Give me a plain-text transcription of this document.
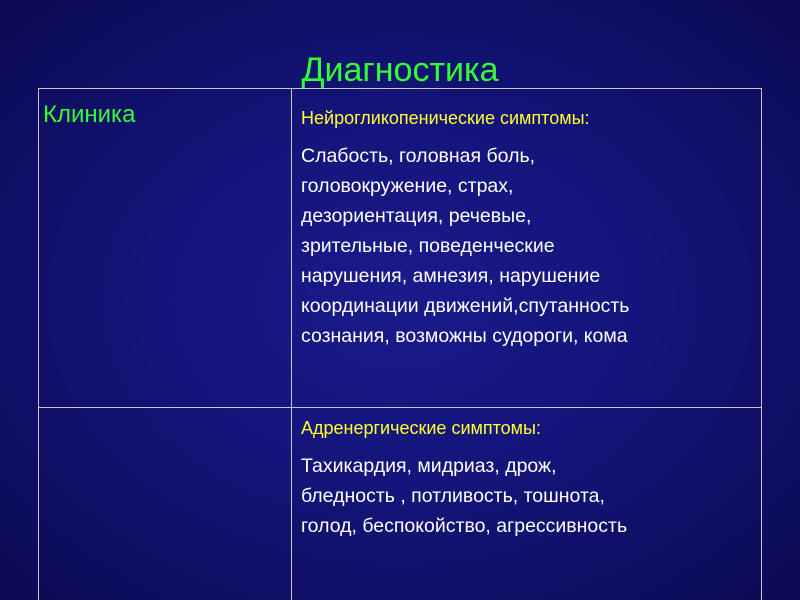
Диагностика
Клиника	Нейрогликопенические симптомы:
Слабость, головная боль,
головокружение, страх,
дезориентация, речевые,
зрительные, поведенческие
нарушения, амнезия, нарушение
координации движений,спутанность
сознания, возможны судороги, кома
Адренергические симптомы:
Тахикардия, мидриаз, дрож,
бледность , потливость, тошнота,
голод, беспокойство, агрессивность
